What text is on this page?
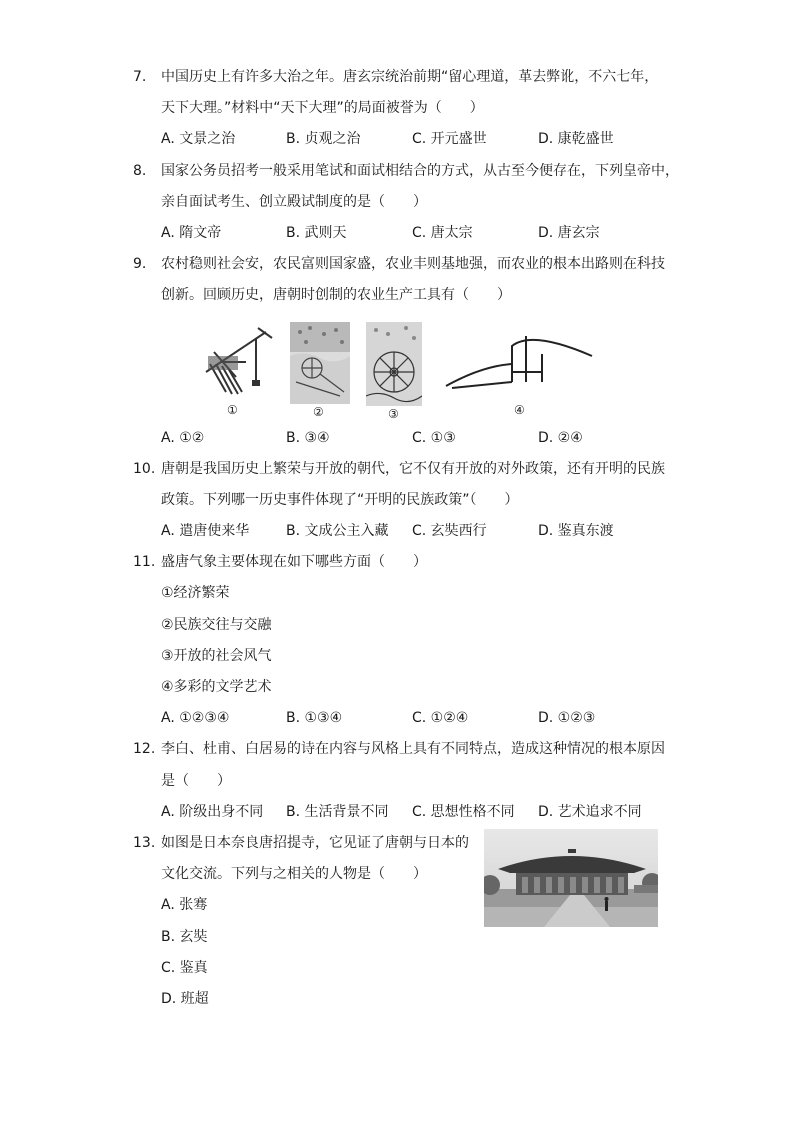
7. 中国历史上有许多大治之年。唐玄宗统治前期“留心理道，革去弊讹，不六七年，
天下大理。”材料中“天下大理”的局面被誉为（　　）
A. 文景之治	B. 贞观之治	C. 开元盛世	D. 康乾盛世
8. 国家公务员招考一般采用笔试和面试相结合的方式，从古至今便存在，下列皇帝中，
亲自面试考生、创立殿试制度的是（　　）
A. 隋文帝	B. 武则天	C. 唐太宗	D. 唐玄宗
9. 农村稳则社会安，农民富则国家盛，农业丰则基地强，而农业的根本出路则在科技
创新。回顾历史，唐朝时创制的农业生产工具有（　　）
①	②	③	④
A. ①②	B. ③④	C. ①③	D. ②④
10. 唐朝是我国历史上繁荣与开放的朝代，它不仅有开放的对外政策，还有开明的民族
政策。下列哪一历史事件体现了“开明的民族政策”（　　）
A. 遣唐使来华	B. 文成公主入藏 C. 玄奘西行	D. 鉴真东渡
11. 盛唐气象主要体现在如下哪些方面（　　）
①经济繁荣
②民族交往与交融
③开放的社会风气
④多彩的文学艺术
A. ①②③④	B. ①③④	C. ①②④	D. ①②③
12. 李白、杜甫、白居易的诗在内容与风格上具有不同特点，造成这种情况的根本原因
是（　　）
A. 阶级出身不同 B. 生活背景不同 C. 思想性格不同 D. 艺术追求不同
13. 如图是日本奈良唐招提寺，它见证了唐朝与日本的
文化交流。下列与之相关的人物是（　　）
A. 张骞
B. 玄奘
C. 鉴真
D. 班超
